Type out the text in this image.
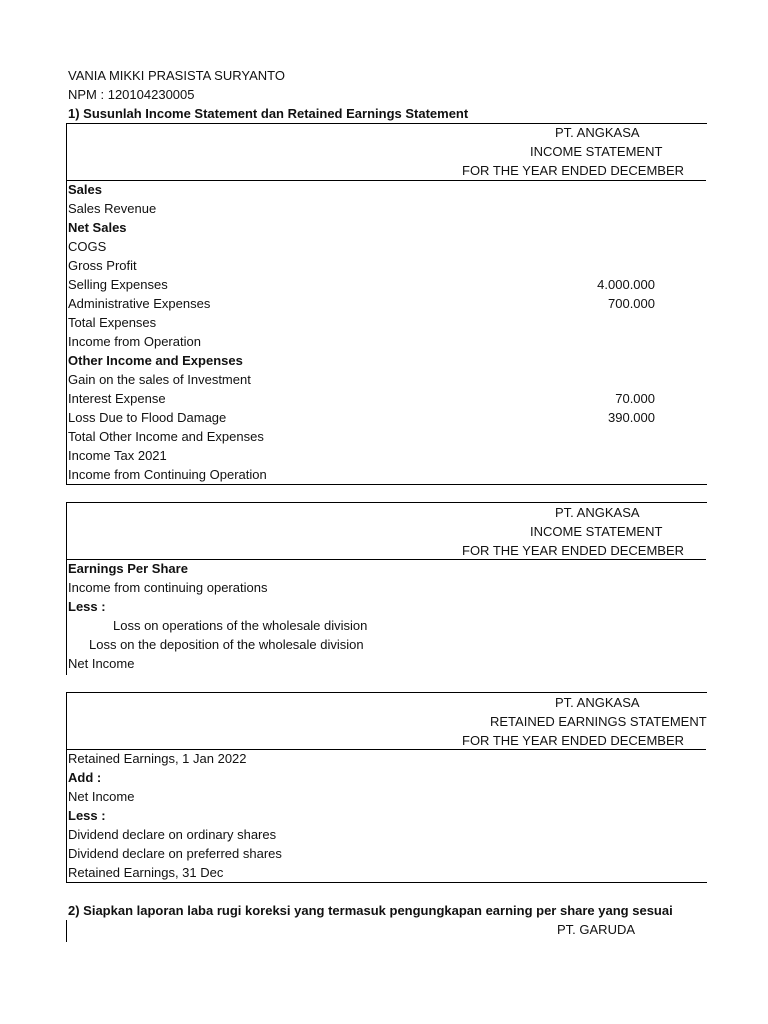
VANIA MIKKI PRASISTA SURYANTO
NPM : 120104230005
1) Susunlah Income Statement dan Retained Earnings Statement
PT. ANGKASA
INCOME STATEMENT
FOR THE YEAR ENDED DECEMBER
Sales
Sales Revenue
Net Sales
COGS
Gross Profit
Selling Expenses	4.000.000
Administrative Expenses	700.000
Total Expenses
Income from Operation
Other Income and Expenses
Gain on the sales of Investment
Interest Expense	70.000
Loss Due to Flood Damage	390.000
Total Other Income and Expenses
Income Tax 2021
Income from Continuing Operation
PT. ANGKASA
INCOME STATEMENT
FOR THE YEAR ENDED DECEMBER
Earnings Per Share
Income from continuing operations
Less :
Loss on operations of the wholesale division
Loss on the deposition of the wholesale division
Net Income
PT. ANGKASA
RETAINED EARNINGS STATEMENT
FOR THE YEAR ENDED DECEMBER
Retained Earnings, 1 Jan 2022
Add :
Net Income
Less :
Dividend declare on ordinary shares
Dividend declare on preferred shares
Retained Earnings, 31 Dec
2) Siapkan laporan laba rugi koreksi yang termasuk pengungkapan earning per share yang sesuai
PT. GARUDA
